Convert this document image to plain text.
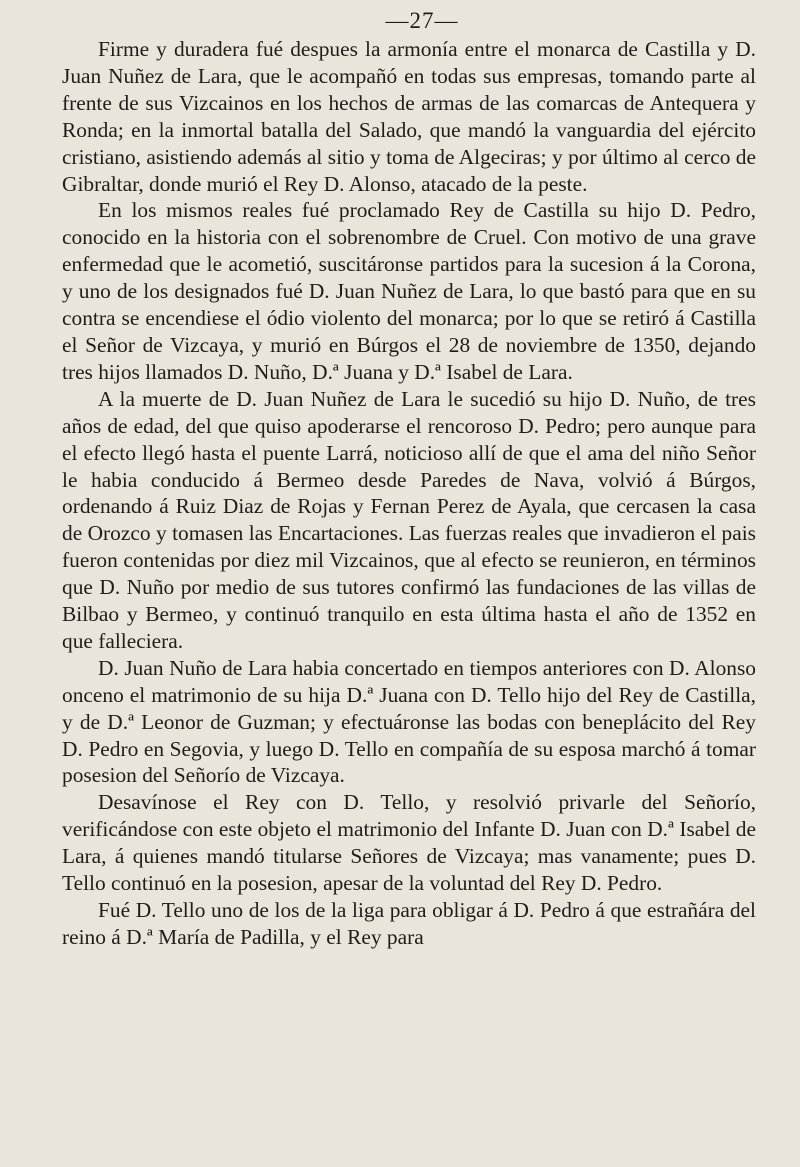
—27—

Firme y duradera fué despues la armonía entre el monarca de Castilla y D. Juan Nuñez de Lara, que le acompañó en todas sus empresas, tomando parte al frente de sus Vizcainos en los hechos de armas de las comarcas de Antequera y Ronda; en la inmortal batalla del Salado, que mandó la vanguardia del ejército cristiano, asistiendo además al sitio y toma de Algeciras; y por último al cerco de Gibraltar, donde murió el Rey D. Alonso, atacado de la peste.

En los mismos reales fué proclamado Rey de Castilla su hijo D. Pedro, conocido en la historia con el sobrenombre de Cruel. Con motivo de una grave enfermedad que le acometió, suscitáronse partidos para la sucesion á la Corona, y uno de los designados fué D. Juan Nuñez de Lara, lo que bastó para que en su contra se encendiese el ódio violento del monarca; por lo que se retiró á Castilla el Señor de Vizcaya, y murió en Búrgos el 28 de noviembre de 1350, dejando tres hijos llamados D. Nuño, D.ª Juana y D.ª Isabel de Lara.

A la muerte de D. Juan Nuñez de Lara le sucedió su hijo D. Nuño, de tres años de edad, del que quiso apoderarse el rencoroso D. Pedro; pero aunque para el efecto llegó hasta el puente Larrá, noticioso allí de que el ama del niño Señor le habia conducido á Bermeo desde Paredes de Nava, volvió á Búrgos, ordenando á Ruiz Diaz de Rojas y Fernan Perez de Ayala, que cercasen la casa de Orozco y tomasen las Encartaciones. Las fuerzas reales que invadieron el pais fueron contenidas por diez mil Vizcainos, que al efecto se reunieron, en términos que D. Nuño por medio de sus tutores confirmó las fundaciones de las villas de Bilbao y Bermeo, y continuó tranquilo en esta última hasta el año de 1352 en que falleciera.

D. Juan Nuño de Lara habia concertado en tiempos anteriores con D. Alonso onceno el matrimonio de su hija D.ª Juana con D. Tello hijo del Rey de Castilla, y de D.ª Leonor de Guzman; y efectuáronse las bodas con beneplácito del Rey D. Pedro en Segovia, y luego D. Tello en compañía de su esposa marchó á tomar posesion del Señorío de Vizcaya.

Desavínose el Rey con D. Tello, y resolvió privarle del Señorío, verificándose con este objeto el matrimonio del Infante D. Juan con D.ª Isabel de Lara, á quienes mandó titularse Señores de Vizcaya; mas vanamente; pues D. Tello continuó en la posesion, apesar de la voluntad del Rey D. Pedro.

Fué D. Tello uno de los de la liga para obligar á D. Pedro á que estrañára del reino á D.ª María de Padilla, y el Rey para
